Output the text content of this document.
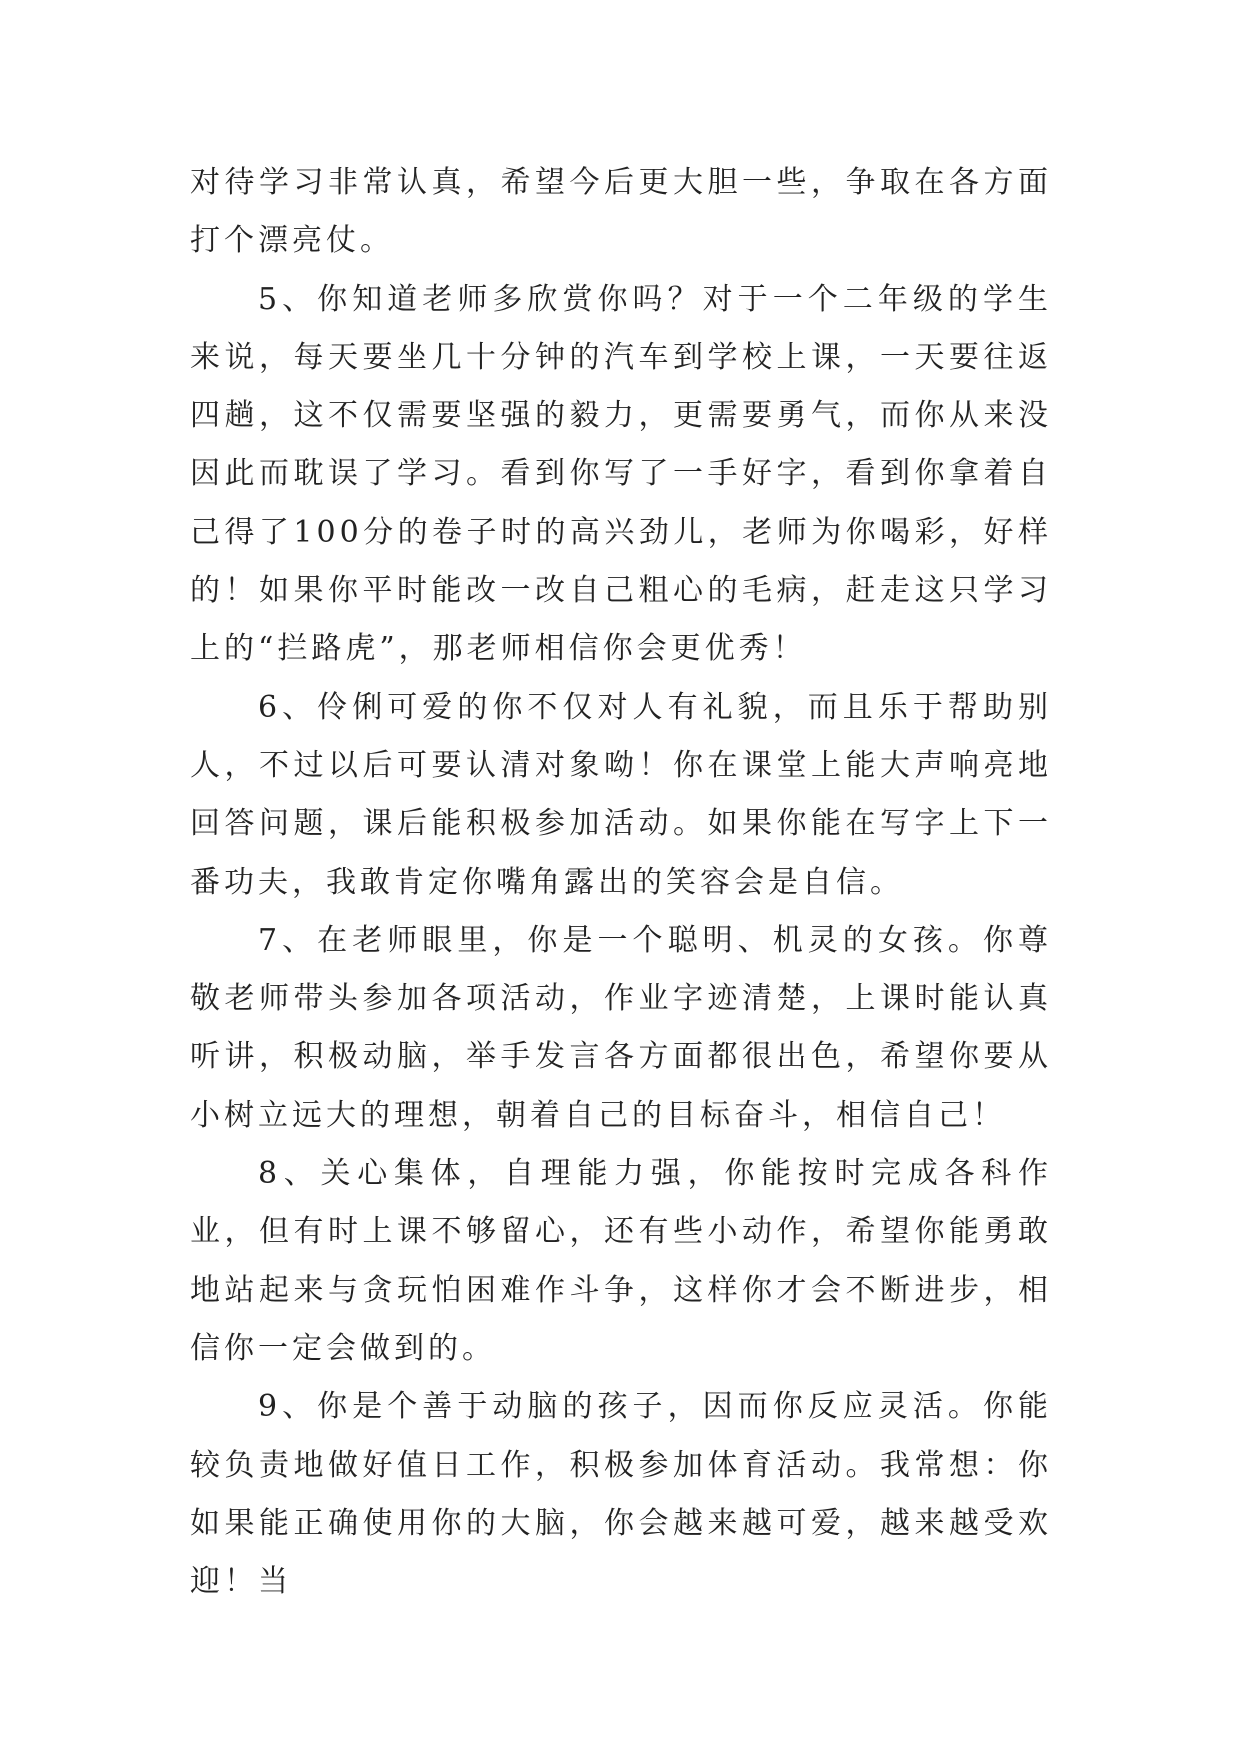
对待学习非常认真，希望今后更大胆一些，争取在各方面打个漂亮仗。

5、你知道老师多欣赏你吗？对于一个二年级的学生来说，每天要坐几十分钟的汽车到学校上课，一天要往返四趟，这不仅需要坚强的毅力，更需要勇气，而你从来没因此而耽误了学习。看到你写了一手好字，看到你拿着自己得了100分的卷子时的高兴劲儿，老师为你喝彩，好样的！如果你平时能改一改自己粗心的毛病，赶走这只学习上的“拦路虎”，那老师相信你会更优秀！

6、伶俐可爱的你不仅对人有礼貌，而且乐于帮助别人，不过以后可要认清对象呦！你在课堂上能大声响亮地回答问题，课后能积极参加活动。如果你能在写字上下一番功夫，我敢肯定你嘴角露出的笑容会是自信。

7、在老师眼里，你是一个聪明、机灵的女孩。你尊敬老师带头参加各项活动，作业字迹清楚，上课时能认真听讲，积极动脑，举手发言各方面都很出色，希望你要从小树立远大的理想，朝着自己的目标奋斗，相信自己！

8、关心集体，自理能力强，你能按时完成各科作业，但有时上课不够留心，还有些小动作，希望你能勇敢地站起来与贪玩怕困难作斗争，这样你才会不断进步，相信你一定会做到的。

9、你是个善于动脑的孩子，因而你反应灵活。你能较负责地做好值日工作，积极参加体育活动。我常想：你如果能正确使用你的大脑，你会越来越可爱，越来越受欢迎！当
